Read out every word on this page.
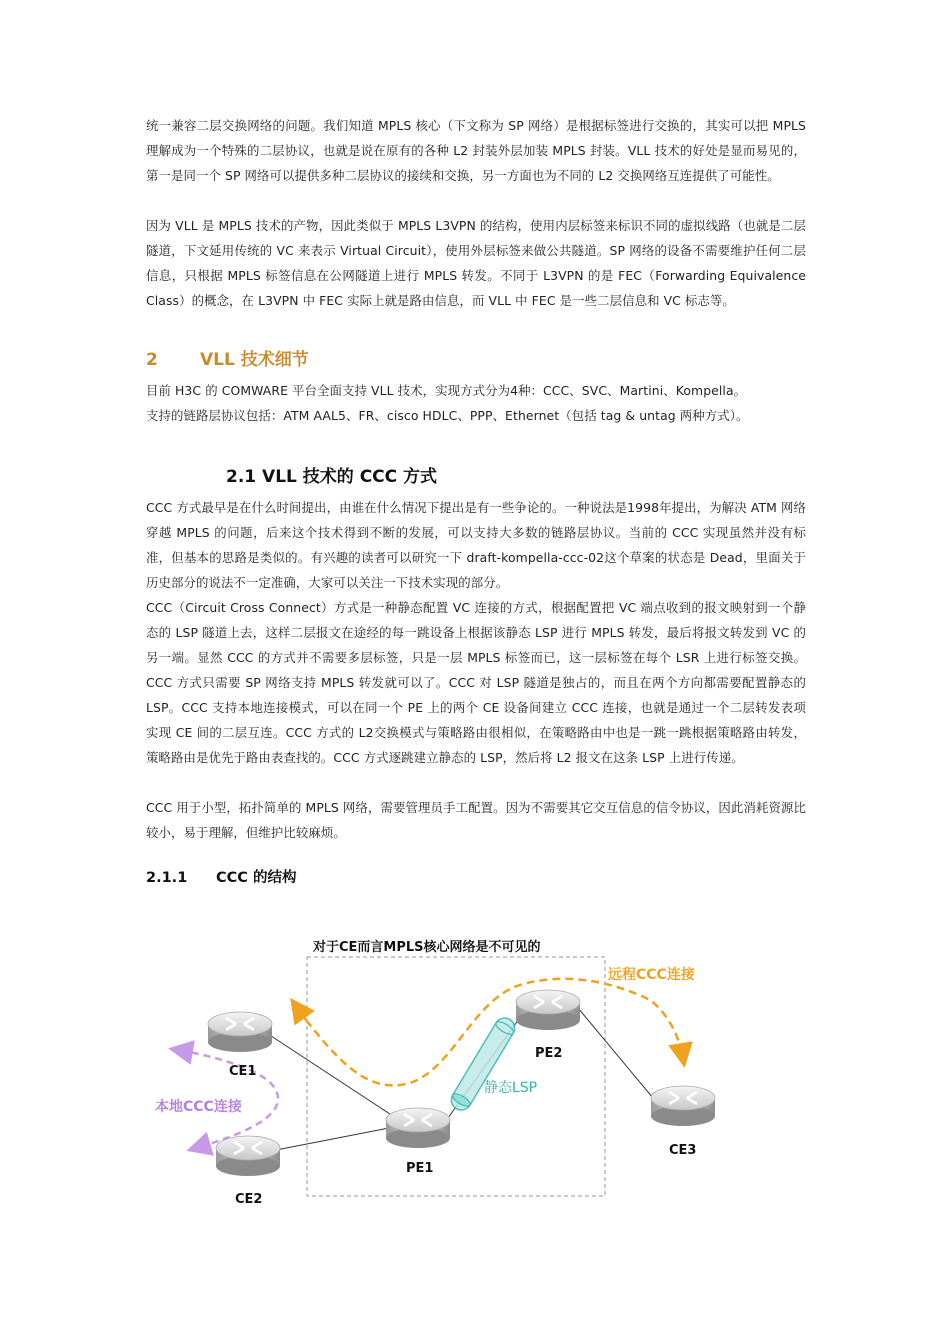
统一兼容二层交换网络的问题。我们知道 MPLS 核心（下文称为 SP 网络）是根据标签进行交换的，其实可以把 MPLS 理解成为一个特殊的二层协议，也就是说在原有的各种 L2 封装外层加装 MPLS 封装。VLL 技术的好处是显而易见的，第一是同一个 SP 网络可以提供多种二层协议的接续和交换，另一方面也为不同的 L2 交换网络互连提供了可能性。
因为 VLL 是 MPLS 技术的产物，因此类似于 MPLS L3VPN 的结构，使用内层标签来标识不同的虚拟线路（也就是二层隧道，下文延用传统的 VC 来表示 Virtual Circuit），使用外层标签来做公共隧道。SP 网络的设备不需要维护任何二层信息，只根据 MPLS 标签信息在公网隧道上进行 MPLS 转发。不同于 L3VPN 的是 FEC（Forwarding Equivalence Class）的概念，在 L3VPN 中 FEC 实际上就是路由信息，而 VLL 中 FEC 是一些二层信息和 VC 标志等。
2 VLL 技术细节
目前 H3C 的 COMWARE 平台全面支持 VLL 技术，实现方式分为4种：CCC、SVC、Martini、Kompella。
支持的链路层协议包括：ATM AAL5、FR、cisco HDLC、PPP、Ethernet（包括 tag & untag 两种方式）。
2.1 VLL 技术的 CCC 方式
CCC 方式最早是在什么时间提出，由谁在什么情况下提出是有一些争论的。一种说法是1998年提出，为解决 ATM 网络穿越 MPLS 的问题，后来这个技术得到不断的发展，可以支持大多数的链路层协议。当前的 CCC 实现虽然并没有标准，但基本的思路是类似的。有兴趣的读者可以研究一下 draft-kompella-ccc-02这个草案的状态是 Dead，里面关于历史部分的说法不一定准确，大家可以关注一下技术实现的部分。
CCC（Circuit Cross Connect）方式是一种静态配置 VC 连接的方式，根据配置把 VC 端点收到的报文映射到一个静态的 LSP 隧道上去，这样二层报文在途经的每一跳设备上根据该静态 LSP 进行 MPLS 转发，最后将报文转发到 VC 的另一端。显然 CCC 的方式并不需要多层标签，只是一层 MPLS 标签而已，这一层标签在每个 LSR 上进行标签交换。CCC 方式只需要 SP 网络支持 MPLS 转发就可以了。CCC 对 LSP 隧道是独占的，而且在两个方向都需要配置静态的 LSP。CCC 支持本地连接模式，可以在同一个 PE 上的两个 CE 设备间建立 CCC 连接，也就是通过一个二层转发表项实现 CE 间的二层互连。CCC 方式的 L2交换模式与策略路由很相似，在策略路由中也是一跳一跳根据策略路由转发，策略路由是优先于路由表查找的。CCC 方式逐跳建立静态的 LSP，然后将 L2 报文在这条 LSP 上进行传递。
CCC 用于小型，拓扑简单的 MPLS 网络，需要管理员手工配置。因为不需要其它交互信息的信令协议，因此消耗资源比较小，易于理解，但维护比较麻烦。
2.1.1 CCC 的结构
对于CE而言MPLS核心网络是不可见的
静态LSP
远程CCC连接
本地CCC连接
CE1
CE2
PE1
PE2
CE3
